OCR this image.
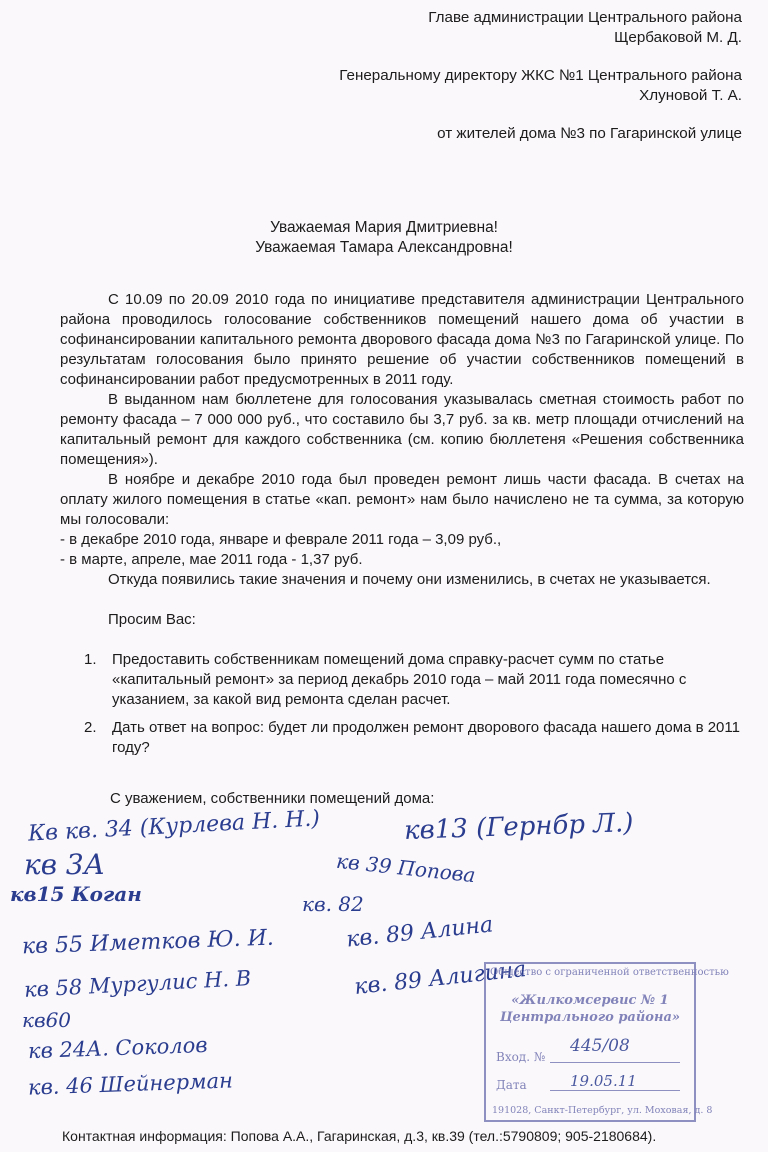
Главе администрации Центрального района
Щербаковой М. Д.
Генеральному директору ЖКС №1 Центрального района
Хлуновой Т. А.
от жителей дома №3 по Гагаринской улице
Уважаемая Мария Дмитриевна!
Уважаемая Тамара Александровна!

С 10.09 по 20.09 2010 года по инициативе представителя администрации Центрального района проводилось голосование собственников помещений нашего дома об участии в софинансировании капитального ремонта дворового фасада дома №3 по Гагаринской улице. По результатам голосования было принято решение об участии собственников помещений в софинансировании работ предусмотренных в 2011 году.

В выданном нам бюллетене для голосования указывалась сметная стоимость работ по ремонту фасада – 7 000 000 руб., что составило бы 3,7 руб. за кв. метр площади отчислений на капитальный ремонт для каждого собственника (см. копию бюллетеня «Решения собственника помещения»).

В ноябре и декабре 2010 года был проведен ремонт лишь части фасада. В счетах на оплату жилого помещения в статье «кап. ремонт» нам было начислено не та сумма, за которую мы голосовали:

- в декабре 2010 года, январе и феврале 2011 года – 3,09 руб.,

- в марте, апреле, мае 2011 года - 1,37 руб.

Откуда появились такие значения и почему они изменились, в счетах не указывается.

Просим Вас:

1.	Предоставить собственникам помещений дома справку-расчет сумм по статье «капитальный ремонт» за период декабрь 2010 года – май 2011 года помесячно с указанием, за какой вид ремонта сделан расчет.
2.	Дать ответ на вопрос: будет ли продолжен ремонт дворового фасада нашего дома в 2011 году?
С уважением, собственники помещений дома:
Кв кв. 34 (Курлева Н. Н.)	кв13 (Гернбр Л.)
кв 3А	кв 39 Попова
кв15 Коган	кв. 82
кв 55 Иметков Ю. И.	кв. 89 Алина
кв 58 Мургулис Н. В	кв. 89 Алигина
кв60
кв 24А. Соколов
кв. 46 Шейнерман
Общество с ограниченной ответственностью
«Жилкомсервис № 1
Центрального района»
Вход. №
445/08
Дата	19.05.11
191028, Санкт-Петербург, ул. Моховая, д. 8
Контактная информация: Попова А.А., Гагаринская, д.3, кв.39 (тел.:5790809; 905-2180684).
